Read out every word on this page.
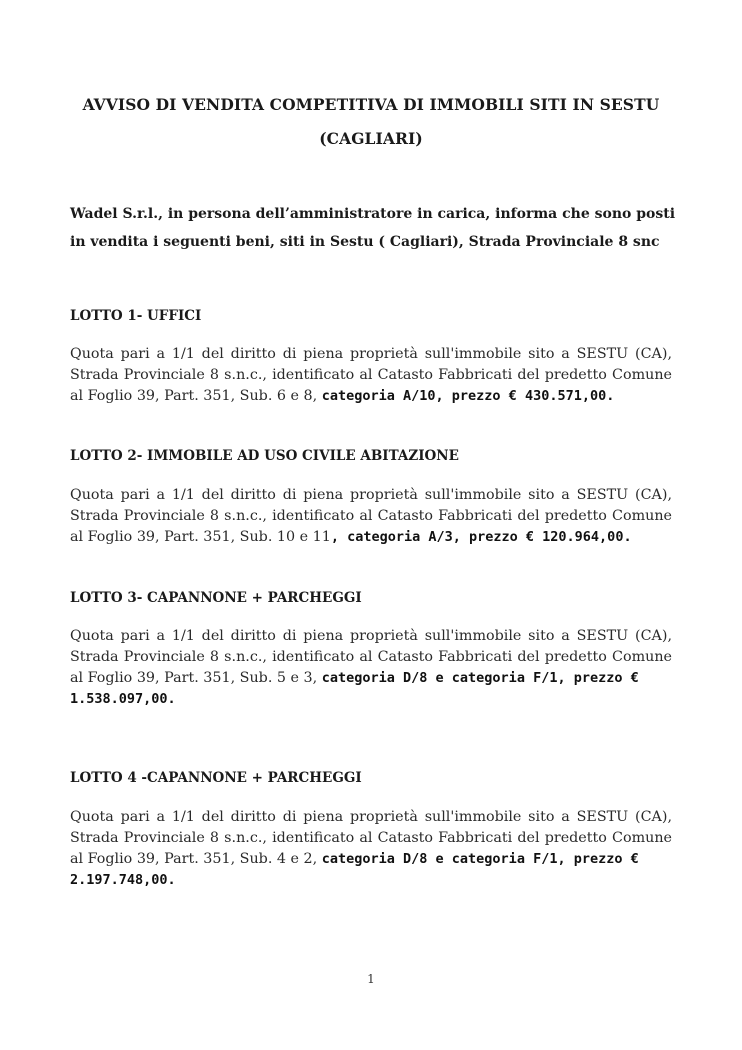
AVVISO DI VENDITA COMPETITIVA DI IMMOBILI SITI IN SESTU
(CAGLIARI)
Wadel S.r.l., in persona dell’amministratore in carica, informa che sono posti in vendita i seguenti beni, siti in Sestu ( Cagliari), Strada Provinciale 8 snc
LOTTO 1- UFFICI
Quota pari a 1/1 del diritto di piena proprietà sull'immobile sito a SESTU (CA), Strada Provinciale 8 s.n.c., identificato al Catasto Fabbricati del predetto Comune al Foglio 39, Part. 351, Sub. 6 e 8, categoria A/10, prezzo € 430.571,00.
LOTTO 2- IMMOBILE AD USO CIVILE ABITAZIONE
Quota pari a 1/1 del diritto di piena proprietà sull'immobile sito a SESTU (CA), Strada Provinciale 8 s.n.c., identificato al Catasto Fabbricati del predetto Comune al Foglio 39, Part. 351, Sub. 10 e 11, categoria A/3, prezzo € 120.964,00.
LOTTO 3- CAPANNONE + PARCHEGGI
Quota pari a 1/1 del diritto di piena proprietà sull'immobile sito a SESTU (CA), Strada Provinciale 8 s.n.c., identificato al Catasto Fabbricati del predetto Comune al Foglio 39, Part. 351, Sub. 5 e 3, categoria D/8 e categoria F/1, prezzo €
1.538.097,00.
LOTTO 4 -CAPANNONE + PARCHEGGI
Quota pari a 1/1 del diritto di piena proprietà sull'immobile sito a SESTU (CA), Strada Provinciale 8 s.n.c., identificato al Catasto Fabbricati del predetto Comune al Foglio 39, Part. 351, Sub. 4 e 2, categoria D/8 e categoria F/1, prezzo €
2.197.748,00.
1
